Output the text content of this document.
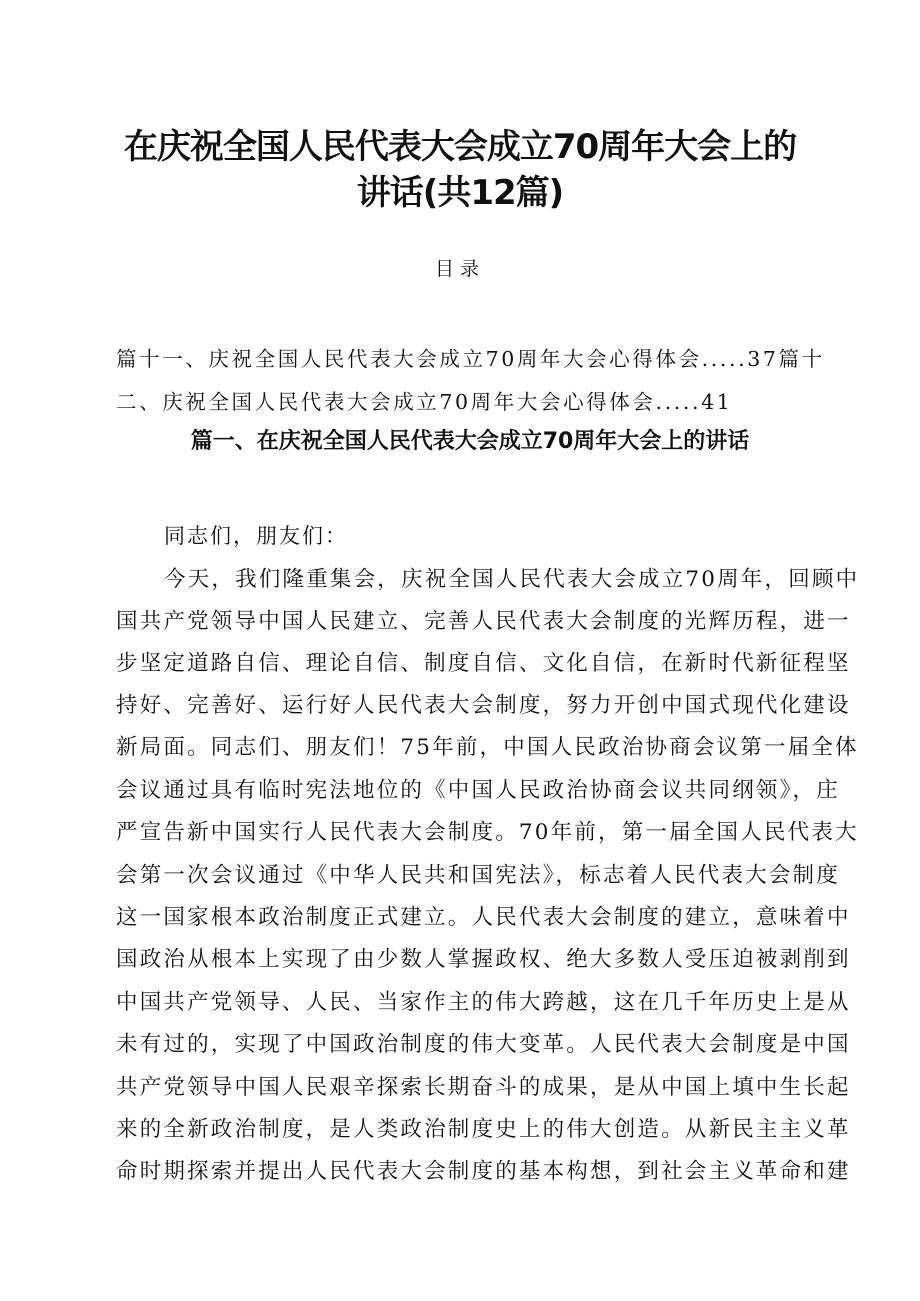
在庆祝全国人民代表大会成立70周年大会上的
讲话(共12篇)
目录
篇十一、庆祝全国人民代表大会成立70周年大会心得体会.....37篇十
二、庆祝全国人民代表大会成立70周年大会心得体会.....41
篇一、在庆祝全国人民代表大会成立70周年大会上的讲话
同志们，朋友们：
今天，我们隆重集会，庆祝全国人民代表大会成立70周年，回顾中
国共产党领导中国人民建立、完善人民代表大会制度的光辉历程，进一
步坚定道路自信、理论自信、制度自信、文化自信，在新时代新征程坚
持好、完善好、运行好人民代表大会制度，努力开创中国式现代化建设
新局面。同志们、朋友们！75年前，中国人民政治协商会议第一届全体
会议通过具有临时宪法地位的《中国人民政治协商会议共同纲领》，庄
严宣告新中国实行人民代表大会制度。70年前，第一届全国人民代表大
会第一次会议通过《中华人民共和国宪法》，标志着人民代表大会制度
这一国家根本政治制度正式建立。人民代表大会制度的建立，意味着中
国政治从根本上实现了由少数人掌握政权、绝大多数人受压迫被剥削到
中国共产党领导、人民、当家作主的伟大跨越，这在几千年历史上是从
未有过的，实现了中国政治制度的伟大变革。人民代表大会制度是中国
共产党领导中国人民艰辛探索长期奋斗的成果，是从中国上填中生长起
来的全新政治制度，是人类政治制度史上的伟大创造。从新民主主义革
命时期探索并提出人民代表大会制度的基本构想，到社会主义革命和建
